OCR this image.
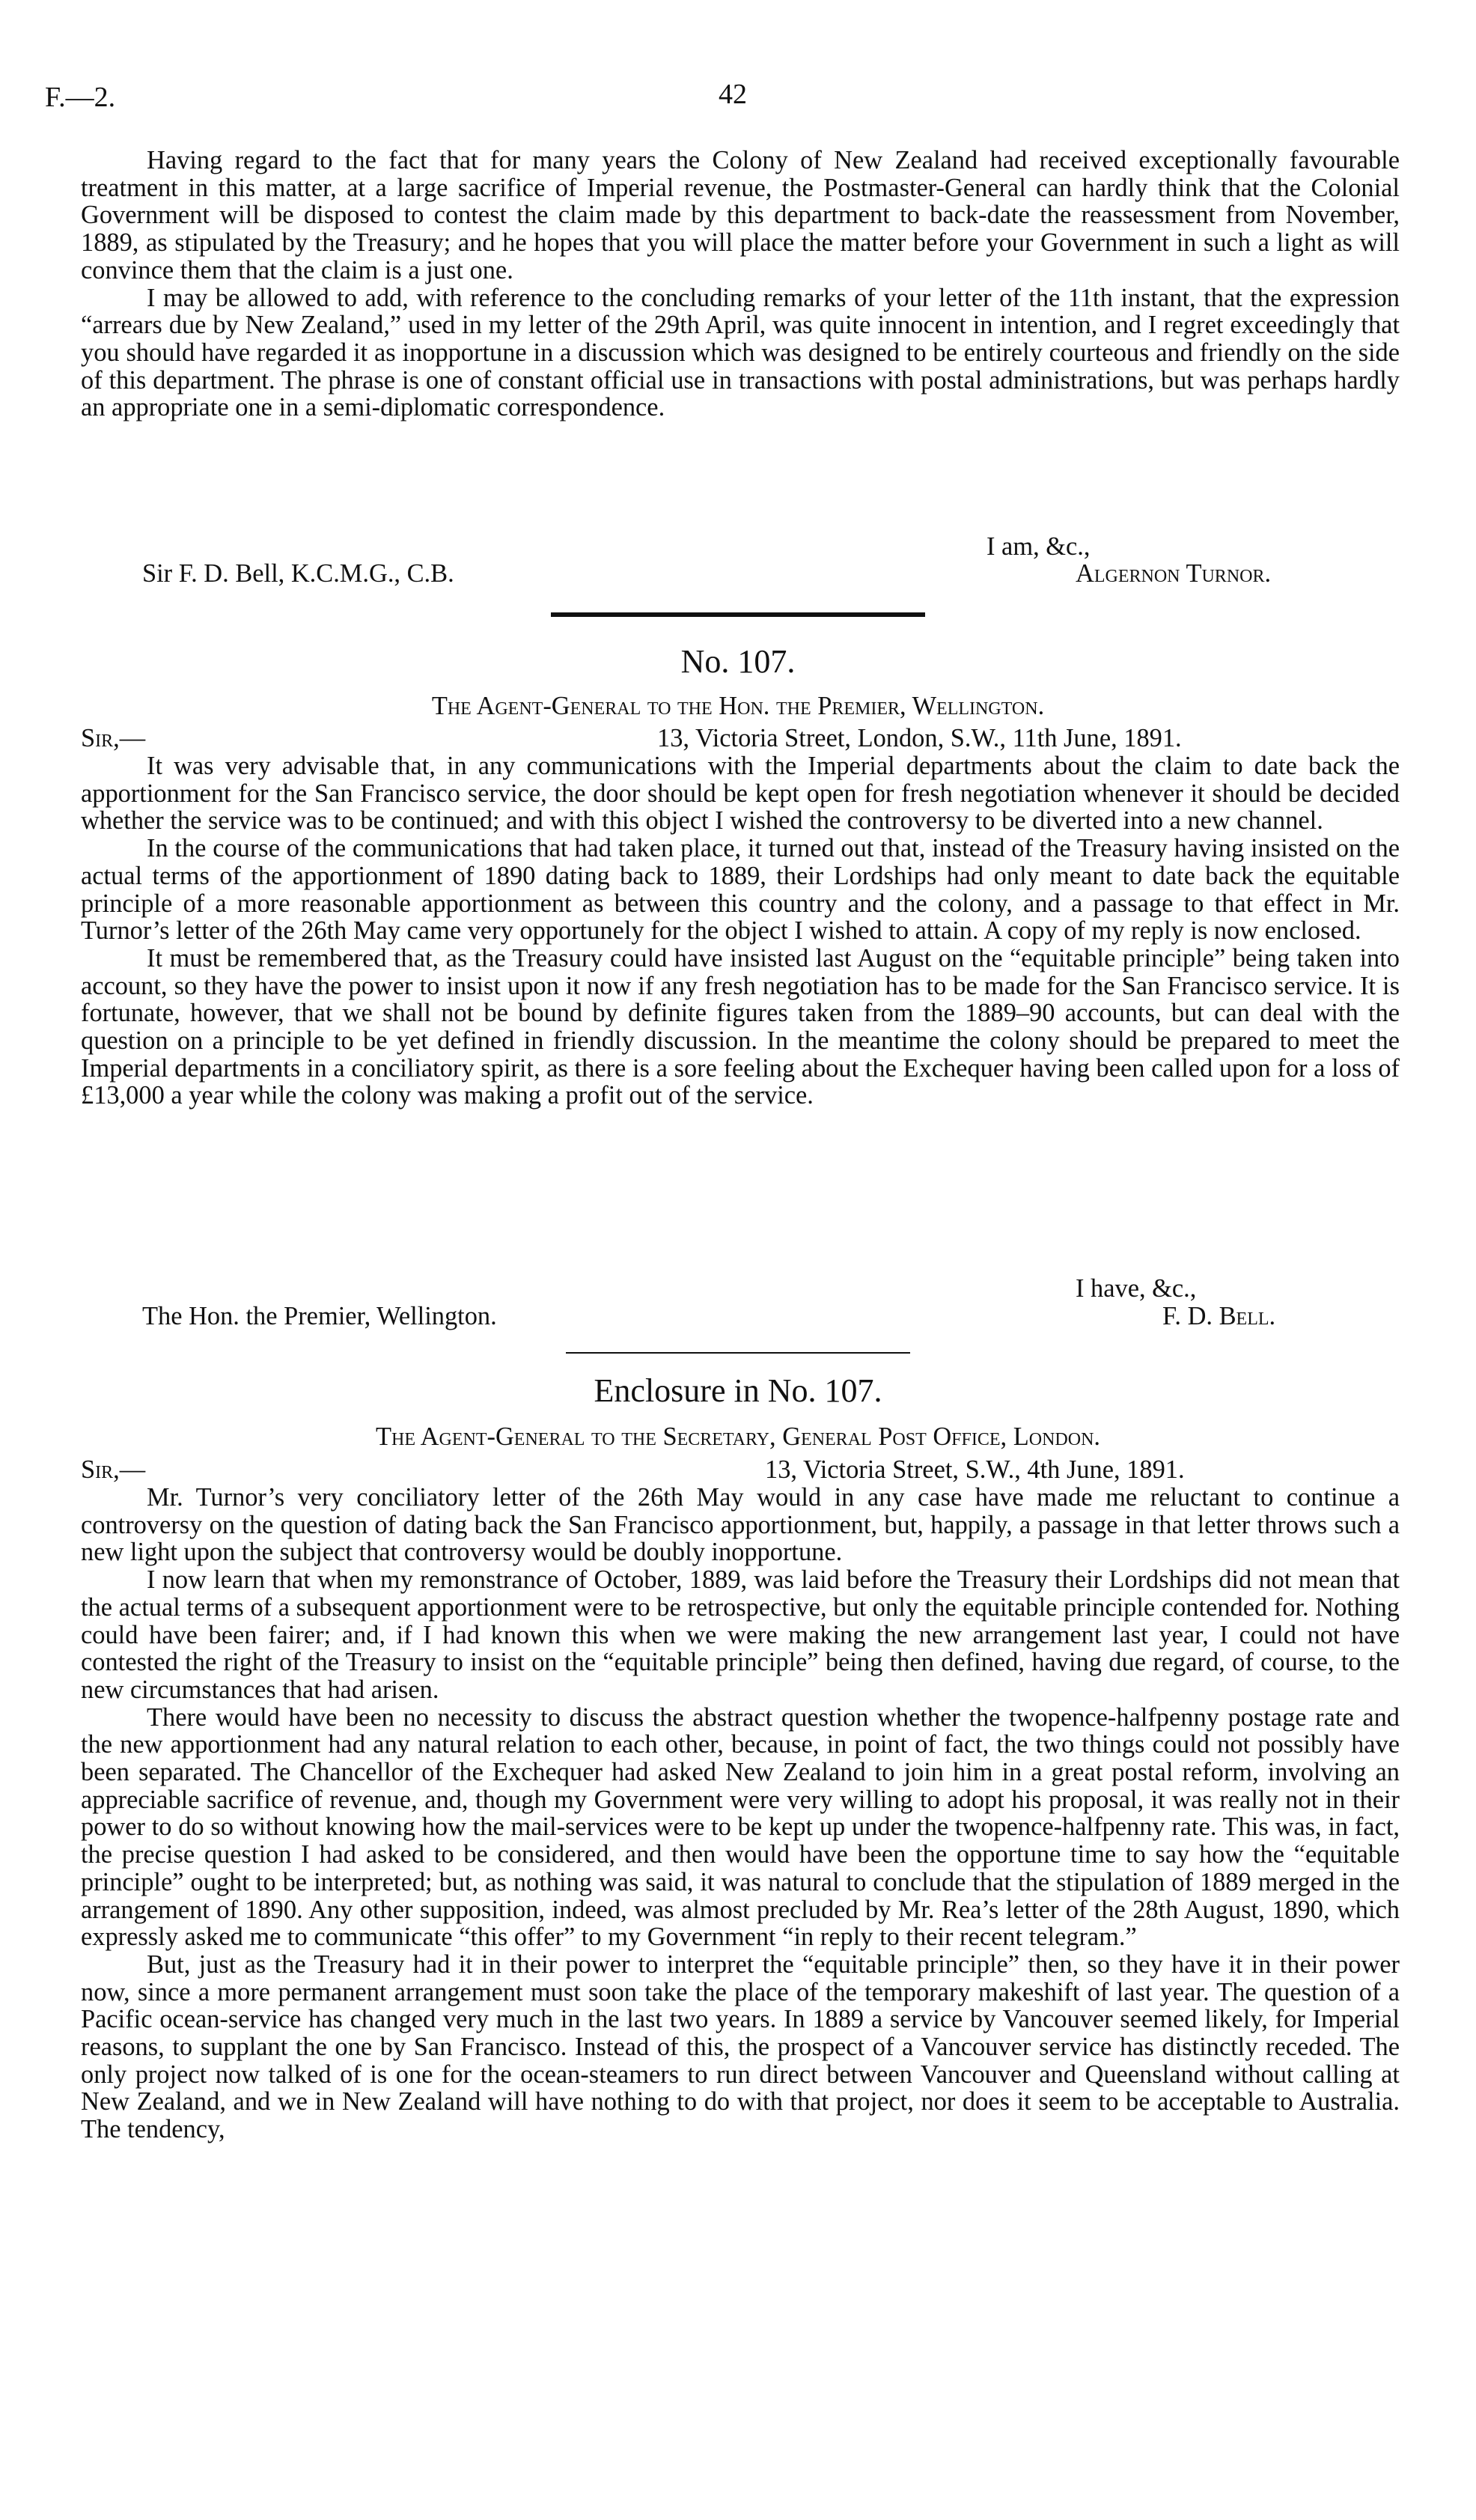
F.—2.	42

Having regard to the fact that for many years the Colony of New Zealand had received exceptionally favourable treatment in this matter, at a large sacrifice of Imperial revenue, the Postmaster-General can hardly think that the Colonial Government will be disposed to contest the claim made by this department to back-date the reassessment from November, 1889, as stipulated by the Treasury; and he hopes that you will place the matter before your Government in such a light as will convince them that the claim is a just one.

I may be allowed to add, with reference to the concluding remarks of your letter of the 11th instant, that the expression “arrears due by New Zealand,” used in my letter of the 29th April, was quite innocent in intention, and I regret exceedingly that you should have regarded it as inopportune in a discussion which was designed to be entirely courteous and friendly on the side of this department. The phrase is one of constant official use in transactions with postal administrations, but was perhaps hardly an appropriate one in a semi-diplomatic correspondence.

I am, &c.,
Sir F. D. Bell, K.C.M.G., C.B.	Algernon Turnor.
No. 107.
The Agent-General to the Hon. the Premier, Wellington.
Sir,—	13, Victoria Street, London, S.W., 11th June, 1891.

It was very advisable that, in any communications with the Imperial departments about the claim to date back the apportionment for the San Francisco service, the door should be kept open for fresh negotiation whenever it should be decided whether the service was to be continued; and with this object I wished the controversy to be diverted into a new channel.

In the course of the communications that had taken place, it turned out that, instead of the Treasury having insisted on the actual terms of the apportionment of 1890 dating back to 1889, their Lordships had only meant to date back the equitable principle of a more reasonable apportionment as between this country and the colony, and a passage to that effect in Mr. Turnor’s letter of the 26th May came very opportunely for the object I wished to attain. A copy of my reply is now enclosed.

It must be remembered that, as the Treasury could have insisted last August on the “equitable principle” being taken into account, so they have the power to insist upon it now if any fresh negotiation has to be made for the San Francisco service. It is fortunate, however, that we shall not be bound by definite figures taken from the 1889–90 accounts, but can deal with the question on a principle to be yet defined in friendly discussion. In the meantime the colony should be prepared to meet the Imperial departments in a conciliatory spirit, as there is a sore feeling about the Exchequer having been called upon for a loss of £13,000 a year while the colony was making a profit out of the service.

I have, &c.,
The Hon. the Premier, Wellington.	F. D. Bell.
Enclosure in No. 107.
The Agent-General to the Secretary, General Post Office, London.
Sir,—	13, Victoria Street, S.W., 4th June, 1891.

Mr. Turnor’s very conciliatory letter of the 26th May would in any case have made me reluctant to continue a controversy on the question of dating back the San Francisco apportionment, but, happily, a passage in that letter throws such a new light upon the subject that controversy would be doubly inopportune.

I now learn that when my remonstrance of October, 1889, was laid before the Treasury their Lordships did not mean that the actual terms of a subsequent apportionment were to be retrospective, but only the equitable principle contended for. Nothing could have been fairer; and, if I had known this when we were making the new arrangement last year, I could not have contested the right of the Treasury to insist on the “equitable principle” being then defined, having due regard, of course, to the new circumstances that had arisen.

There would have been no necessity to discuss the abstract question whether the twopence-halfpenny postage rate and the new apportionment had any natural relation to each other, because, in point of fact, the two things could not possibly have been separated. The Chancellor of the Exchequer had asked New Zealand to join him in a great postal reform, involving an appreciable sacrifice of revenue, and, though my Government were very willing to adopt his proposal, it was really not in their power to do so without knowing how the mail-services were to be kept up under the twopence-halfpenny rate. This was, in fact, the precise question I had asked to be considered, and then would have been the opportune time to say how the “equitable principle” ought to be interpreted; but, as nothing was said, it was natural to conclude that the stipulation of 1889 merged in the arrangement of 1890. Any other supposition, indeed, was almost precluded by Mr. Rea’s letter of the 28th August, 1890, which expressly asked me to communicate “this offer” to my Government “in reply to their recent telegram.”

But, just as the Treasury had it in their power to interpret the “equitable principle” then, so they have it in their power now, since a more permanent arrangement must soon take the place of the temporary makeshift of last year. The question of a Pacific ocean-service has changed very much in the last two years. In 1889 a service by Vancouver seemed likely, for Imperial reasons, to supplant the one by San Francisco. Instead of this, the prospect of a Vancouver service has distinctly receded. The only project now talked of is one for the ocean-steamers to run direct between Vancouver and Queensland without calling at New Zealand, and we in New Zealand will have nothing to do with that project, nor does it seem to be acceptable to Australia. The tendency,
